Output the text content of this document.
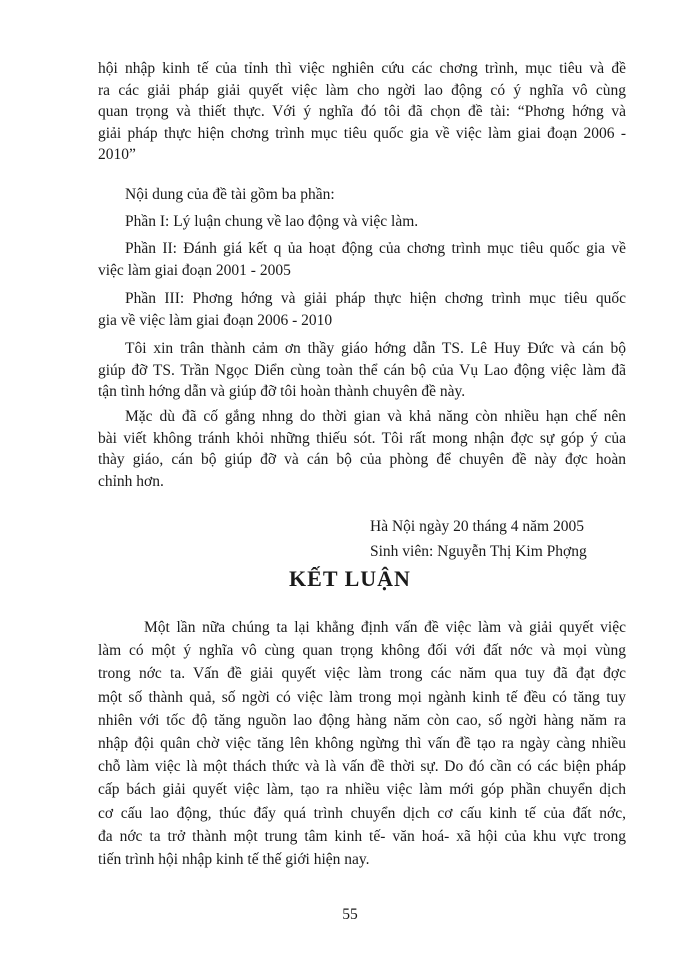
hội nhập kinh tế của tỉnh thì việc nghiên cứu các chơng trình, mục tiêu và đề
ra các giải pháp giải quyết việc làm cho ngời lao động có ý nghĩa vô cùng
quan trọng và thiết thực. Với ý nghĩa đó tôi đã chọn đề tài: “Phơng hớng và
giải pháp thực hiện chơng trình mục tiêu quốc gia về việc làm giai đoạn 2006 -
2010”

Nội dung của đề tài gồm ba phần:

Phần I: Lý luận chung về lao động và việc làm.

Phần II: Đánh giá kết q ủa hoạt động của chơng trình mục tiêu quốc gia về
việc làm giai đoạn 2001 - 2005

Phần III: Phơng hớng và giải pháp thực hiện chơng trình mục tiêu quốc
gia về việc làm giai đoạn 2006 - 2010

Tôi xin trân thành cảm ơn thầy giáo hớng dẫn TS. Lê Huy Đức và cán bộ
giúp đỡ TS. Trần Ngọc Diển cùng toàn thể cán bộ của Vụ Lao động việc làm đã
tận tình hớng dẫn và giúp đỡ tôi hoàn thành chuyên đề này.

Mặc dù đã cố gắng nhng do thời gian và khả năng còn nhiều hạn chế nên
bài viết không tránh khỏi những thiếu sót. Tôi rất mong nhận đợc sự góp ý của
thày giáo, cán bộ giúp đỡ và cán bộ của phòng để chuyên đề này đợc hoàn
chỉnh hơn.

Hà Nội ngày 20 tháng 4 năm 2005
Sinh viên: Nguyễn Thị Kim Phợng
KẾT LUẬN

Một lần nữa chúng ta lại khẳng định vấn đề việc làm và giải quyết việc
làm có một ý nghĩa vô cùng quan trọng không đối với đất nớc và mọi vùng
trong nớc ta. Vấn đề giải quyết việc làm trong các năm qua tuy đã đạt đợc
một số thành quả, số ngời có việc làm trong mọi ngành kinh tế đều có tăng tuy
nhiên với tốc độ tăng nguồn lao động hàng năm còn cao, số ngời hàng năm ra
nhập đội quân chờ việc tăng lên không ngừng thì vấn đề tạo ra ngày càng nhiều
chỗ làm việc là một thách thức và là vấn đề thời sự. Do đó cần có các biện pháp
cấp bách giải quyết việc làm, tạo ra nhiều việc làm mới góp phần chuyển dịch
cơ cấu lao động, thúc đẩy quá trình chuyển dịch cơ cấu kinh tế của đất nớc,
đa nớc ta trở thành một trung tâm kinh tế- văn hoá- xã hội của khu vực trong
tiến trình hội nhập kinh tế thế giới hiện nay.

55
